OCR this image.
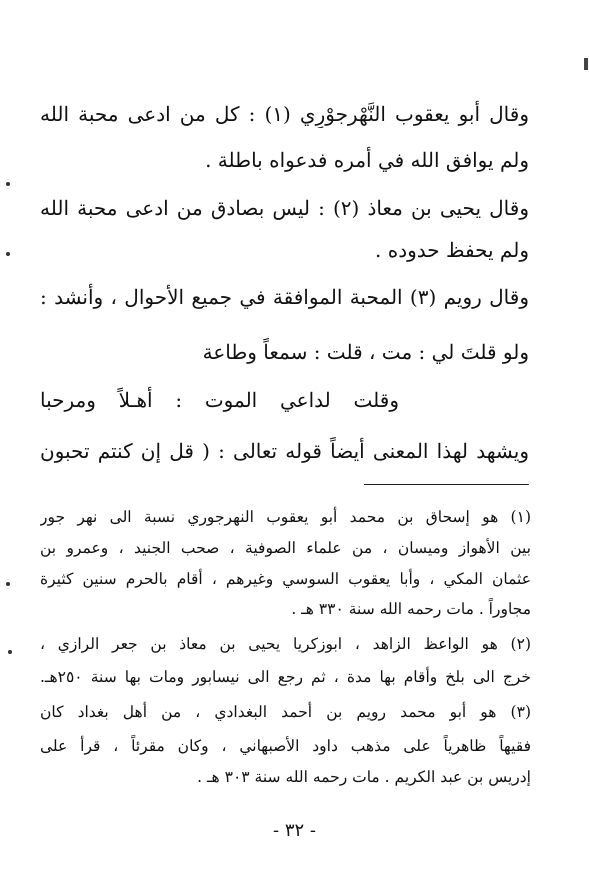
وقال أبو يعقوب النَّهْرجوْرِي (١) : كل من ادعى محبة الله
ولم يوافق الله في أمره فدعواه باطلة .
وقال يحيى بن معاذ (٢) : ليس بصادق من ادعى محبة الله
ولم يحفظ حدوده .
وقال رويم (٣) المحبة الموافقة في جميع الأحوال ، وأنشد :
ولو قلتَ لي : مت ، قلت : سمعاً وطاعة
وقلت لداعي الموت : أهـلاً ومرحبا
ويشهد لهذا المعنى أيضاً قوله تعالى : ( قل إن كنتم تحبون
(١) هو إسحاق بن محمد أبو يعقوب النهرجوري نسبة الى نهر جور
بين الأهواز وميسان ، من علماء الصوفية ، صحب الجنيد ، وعمرو بن
عثمان المكي ، وأبا يعقوب السوسي وغيرهم ، أقام بالحرم سنين كثيرة
مجاوراً . مات رحمه الله سنة ٣٣٠ هـ .
(٢) هو الواعظ الزاهد ، ابوزكريا يحيى بن معاذ بن جعر الرازي ،
خرج الى بلخ وأقام بها مدة ، ثم رجع الى نيسابور ومات بها سنة ٢٥٠هـ.
(٣) هو أبو محمد رويم بن أحمد البغدادي ، من أهل بغداد كان
فقيهاً ظاهرياً على مذهب داود الأصبهاني ، وكان مقرئاً ، قرأ على
إدريس بن عبد الكريم . مات رحمه الله سنة ٣٠٣ هـ .
- ٣٢ -
